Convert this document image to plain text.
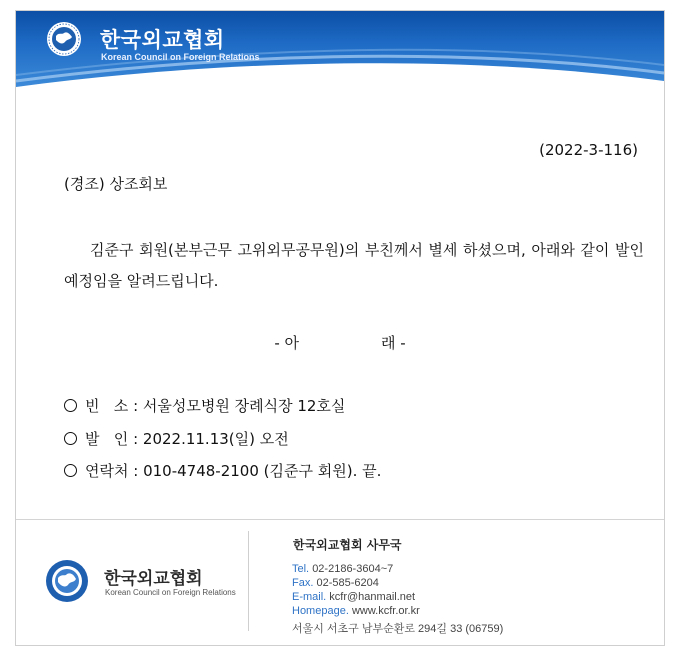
한국외교협회
Korean Council on Foreign Relations
(2022-3-116)
(경조) 상조회보

김준구 회원(본부근무 고위외무공무원)의 부친께서 별세 하셨으며, 아래와 같이 발인 예정임을 알려드립니다.

- 아	래 -
빈   소 : 서울성모병원 장례식장 12호실
발   인 : 2022.11.13(일) 오전
연락처 : 010-4748-2100 (김준구 회원). 끝.
한국외교협회
Korean Council on Foreign Relations
한국외교협회 사무국
Tel. 02-2186-3604~7
Fax. 02-585-6204
E-mail. kcfr@hanmail.net
Homepage. www.kcfr.or.kr
서울시 서초구 남부순환로 294길 33 (06759)
